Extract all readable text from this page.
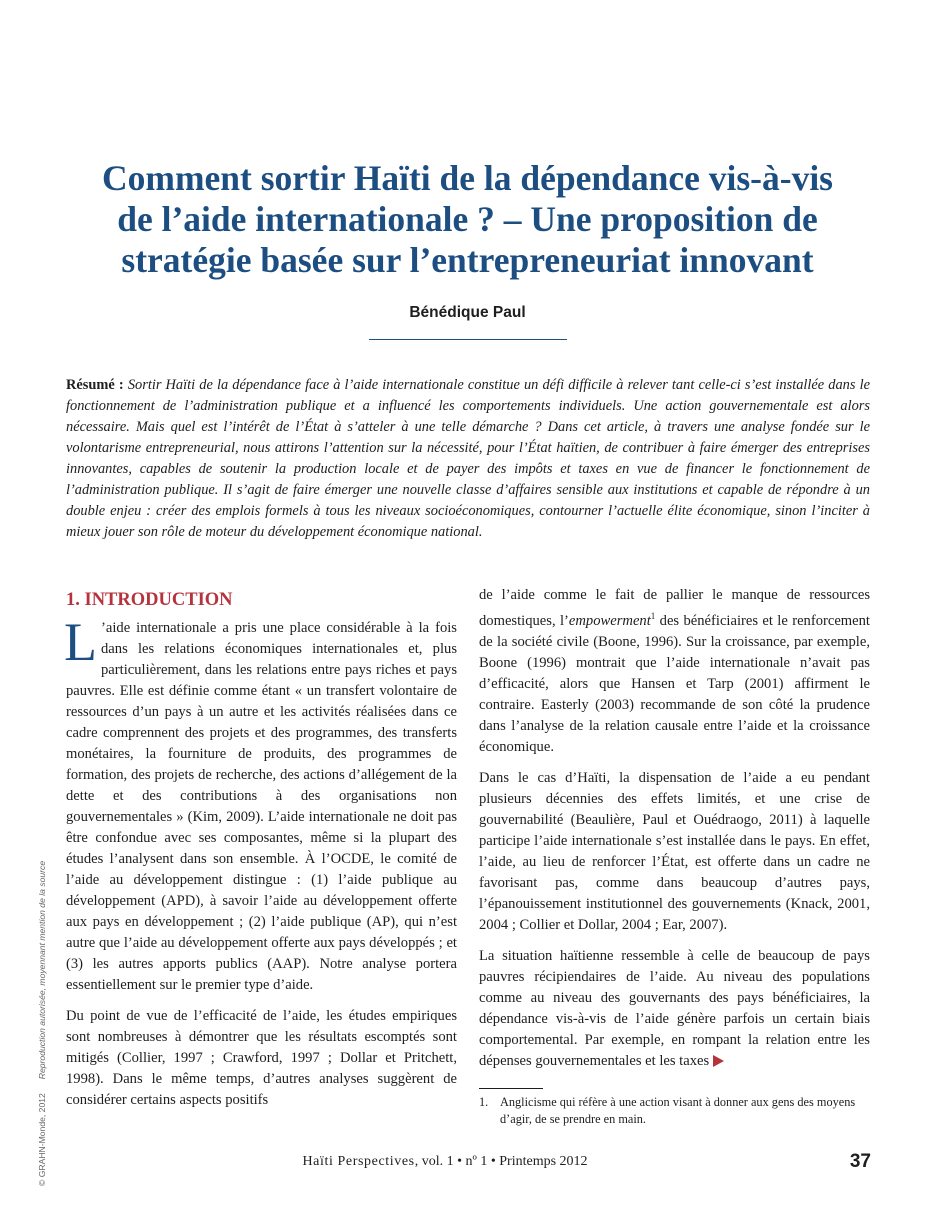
Comment sortir Haïti de la dépendance vis-à-vis
de l’aide internationale ? – Une proposition de
stratégie basée sur l’entrepreneuriat innovant
Bénédique Paul

Résumé : Sortir Haïti de la dépendance face à l’aide internationale constitue un défi difficile à relever tant celle-ci s’est installée dans le fonctionnement de l’administration publique et a influencé les comportements individuels. Une action gouvernementale est alors nécessaire. Mais quel est l’intérêt de l’État à s’atteler à une telle démarche ? Dans cet article, à travers une analyse fondée sur le volontarisme entrepreneurial, nous attirons l’attention sur la nécessité, pour l’État haïtien, de contribuer à faire émerger des entreprises innovantes, capables de soutenir la production locale et de payer des impôts et taxes en vue de financer le fonctionnement de l’administration publique. Il s’agit de faire émerger une nouvelle classe d’affaires sensible aux institutions et capable de répondre à un double enjeu : créer des emplois formels à tous les niveaux socioéconomiques, contourner l’actuelle élite économique, sinon l’inciter à mieux jouer son rôle de moteur du développement économique national.

1. INTRODUCTION

L ’aide internationale a pris une place considérable à la fois dans les relations économiques internationales et, plus particulièrement, dans les relations entre pays riches et pays pauvres. Elle est définie comme étant « un transfert volontaire de ressources d’un pays à un autre et les activités réalisées dans ce cadre comprennent des projets et des programmes, des transferts monétaires, la fourniture de produits, des programmes de formation, des projets de recherche, des actions d’allégement de la dette et des contributions à des organisations non gouvernementales » (Kim, 2009). L’aide internationale ne doit pas être confondue avec ses composantes, même si la plupart des études l’analysent dans son ensemble. À l’OCDE, le comité de l’aide au développement distingue : (1) l’aide publique au développement (APD), à savoir l’aide au développement offerte aux pays en développement ; (2) l’aide publique (AP), qui n’est autre que l’aide au développement offerte aux pays développés ; et (3) les autres apports publics (AAP). Notre analyse portera essentiellement sur le premier type d’aide.

Du point de vue de l’efficacité de l’aide, les études empiriques sont nombreuses à démontrer que les résultats escomptés sont mitigés (Collier, 1997 ; Crawford, 1997 ; Dollar et Pritchett, 1998). Dans le même temps, d’autres analyses suggèrent de considérer certains aspects positifs

de l’aide comme le fait de pallier le manque de ressources domestiques, l’empowerment$^1$ des bénéficiaires et le renforcement de la société civile (Boone, 1996). Sur la croissance, par exemple, Boone (1996) montrait que l’aide internationale n’avait pas d’efficacité, alors que Hansen et Tarp (2001) affirment le contraire. Easterly (2003) recommande de son côté la prudence dans l’analyse de la relation causale entre l’aide et la croissance économique.

Dans le cas d’Haïti, la dispensation de l’aide a eu pendant plusieurs décennies des effets limités, et une crise de gouvernabilité (Beaulière, Paul et Ouédraogo, 2011) à laquelle participe l’aide internationale s’est installée dans le pays. En effet, l’aide, au lieu de renforcer l’État, est offerte dans un cadre ne favorisant pas, comme dans beaucoup d’autres pays, l’épanouissement institutionnel des gouvernements (Knack, 2001, 2004 ; Collier et Dollar, 2004 ; Ear, 2007).

La situation haïtienne ressemble à celle de beaucoup de pays pauvres récipiendaires de l’aide. Au niveau des populations comme au niveau des gouvernants des pays bénéficiaires, la dépendance vis-à-vis de l’aide génère parfois un certain biais comportemental. Par exemple, en rompant la relation entre les dépenses gouvernementales et les taxes

1. Anglicisme qui réfère à une action visant à donner aux gens des moyens d’agir, de se prendre en main.
Haïti Perspectives, vol. 1 • nº 1 • Printemps 2012	37
© GRAHN-Monde, 2012Reproduction autorisée, moyennant mention de la source
